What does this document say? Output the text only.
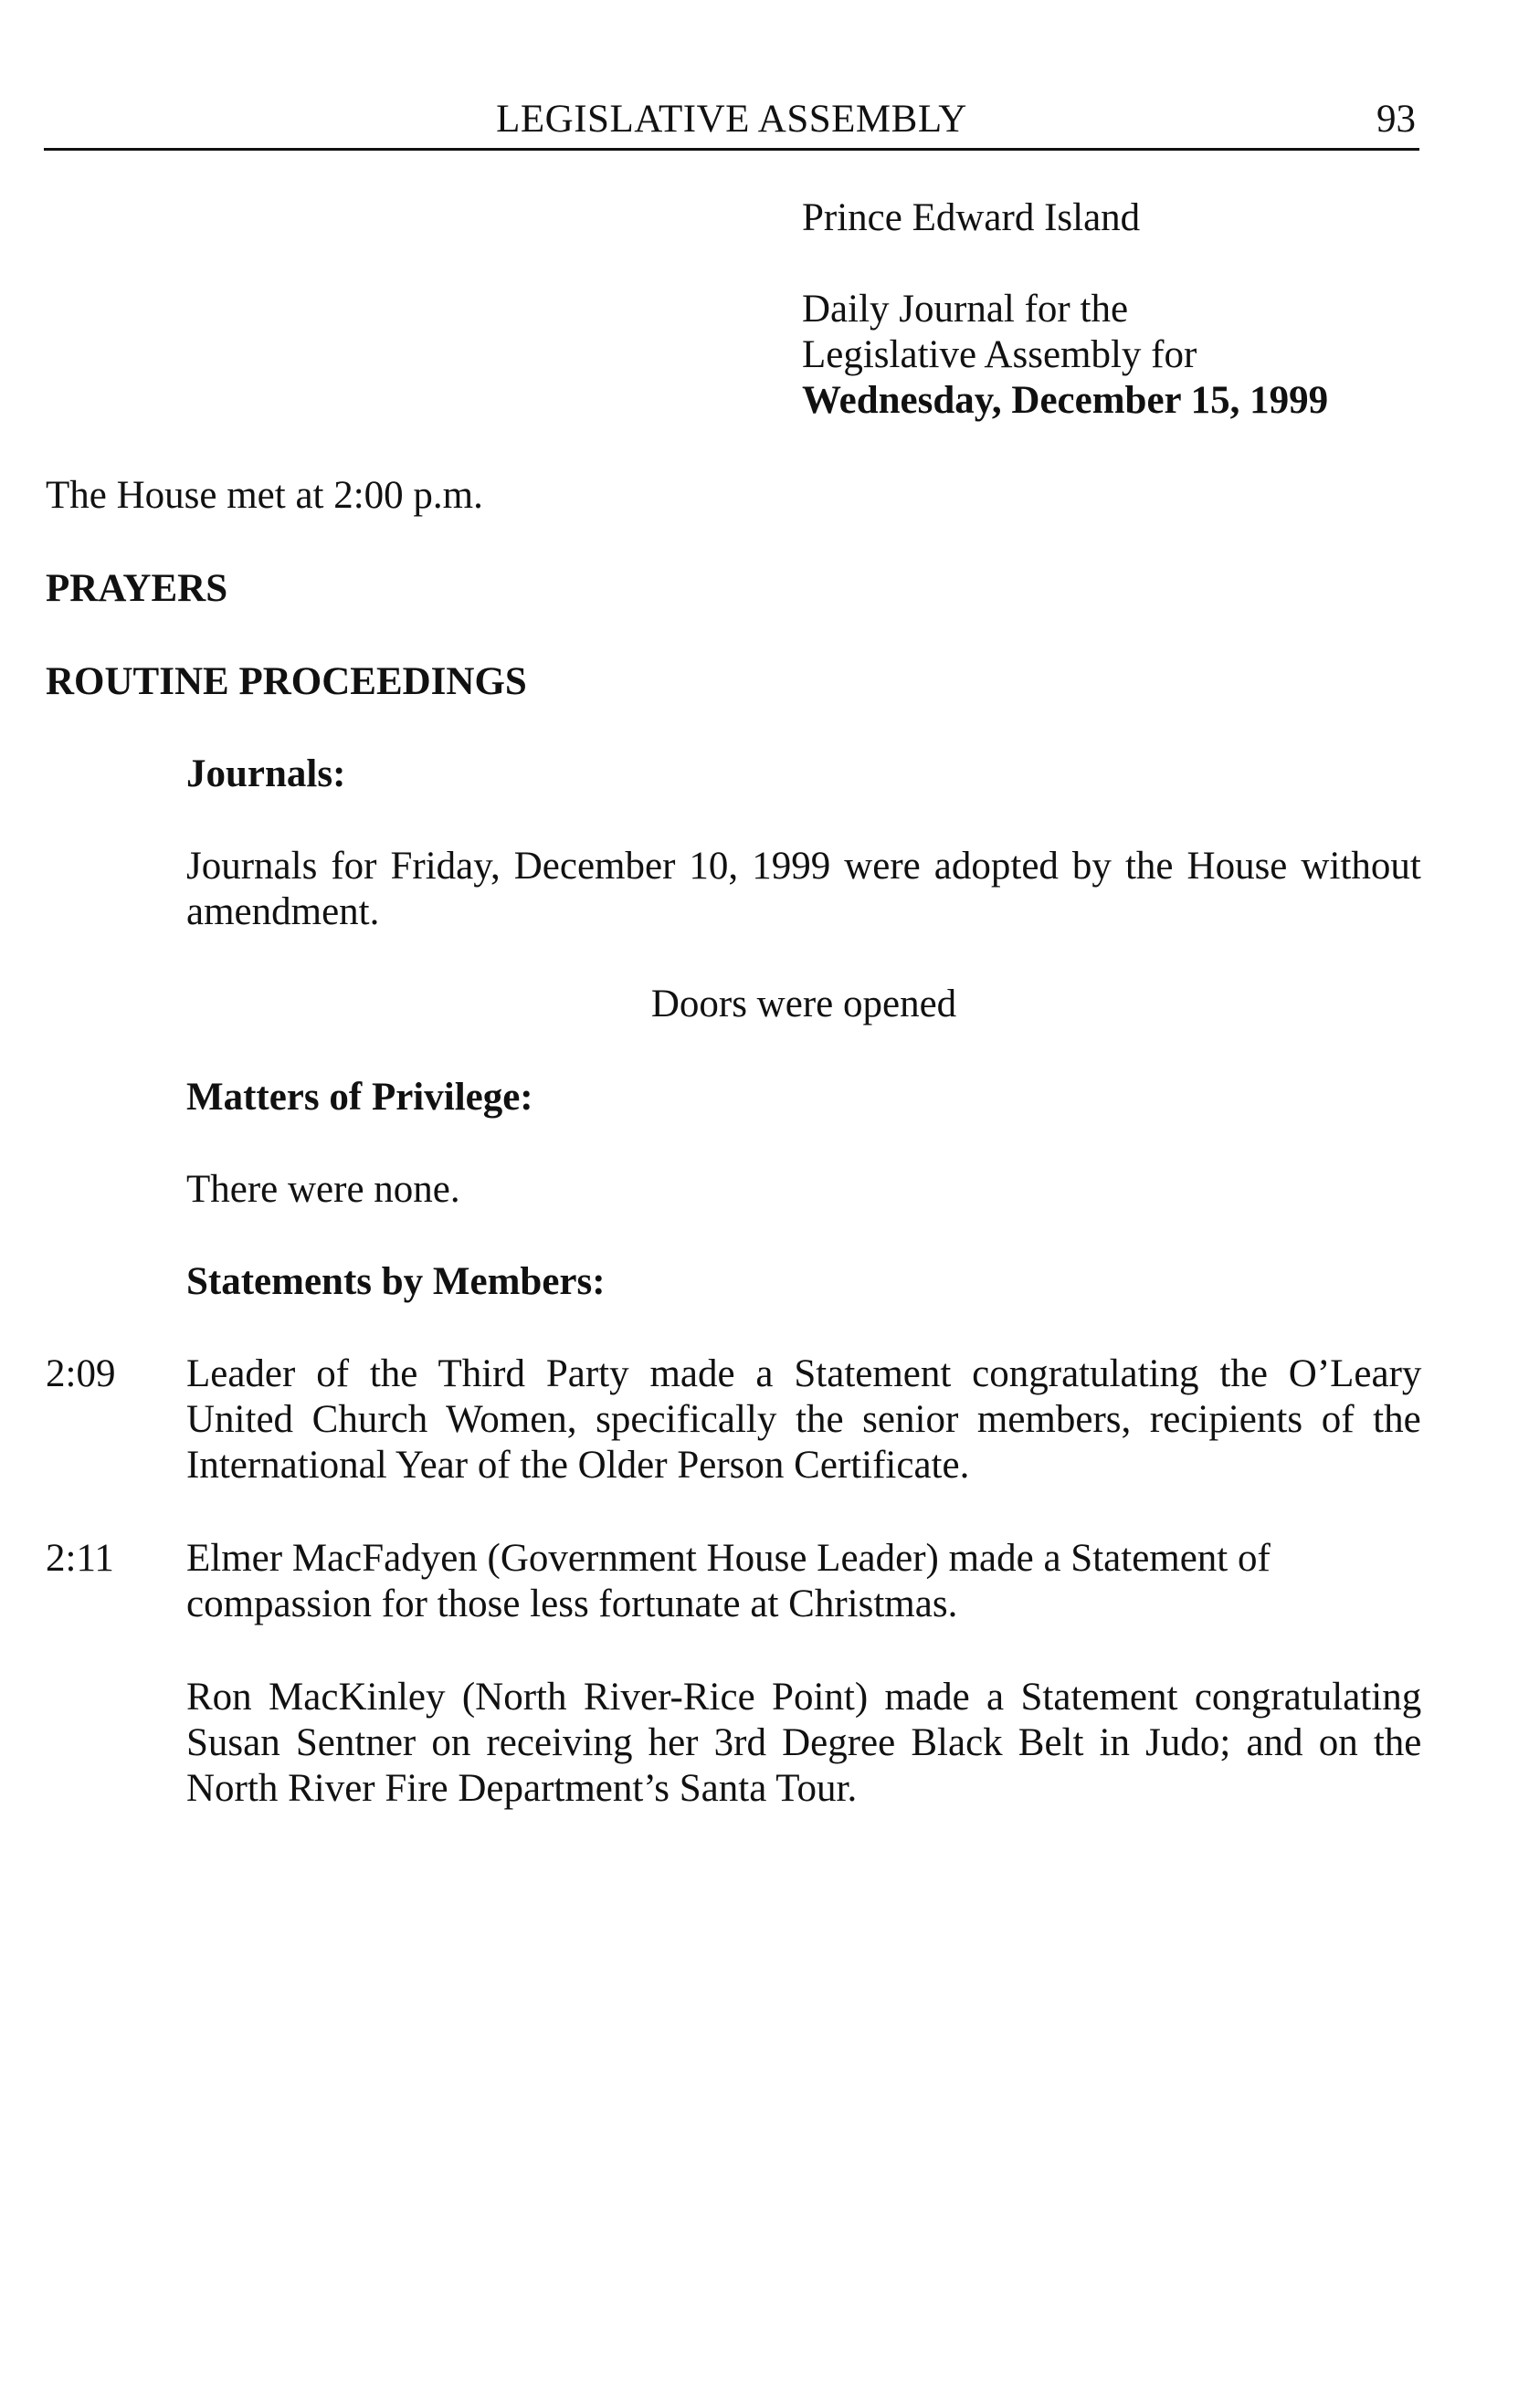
LEGISLATIVE ASSEMBLY	93
Prince Edward Island
Daily Journal for the
Legislative Assembly for
Wednesday, December 15, 1999
The House met at 2:00 p.m.
PRAYERS
ROUTINE PROCEEDINGS
Journals:
Journals for Friday, December 10, 1999 were adopted by the House without
amendment.
Doors were opened
Matters of Privilege:
There were none.
Statements by Members:
2:09 Leader of the Third Party made a Statement congratulating the O’Leary
United Church Women, specifically the senior members, recipients of the
International Year of the Older Person Certificate.
2:11 Elmer MacFadyen (Government House Leader) made a Statement of
compassion for those less fortunate at Christmas.
Ron MacKinley (North River-Rice Point) made a Statement congratulating
Susan Sentner on receiving her 3rd Degree Black Belt in Judo; and on the
North River Fire Department’s Santa Tour.
